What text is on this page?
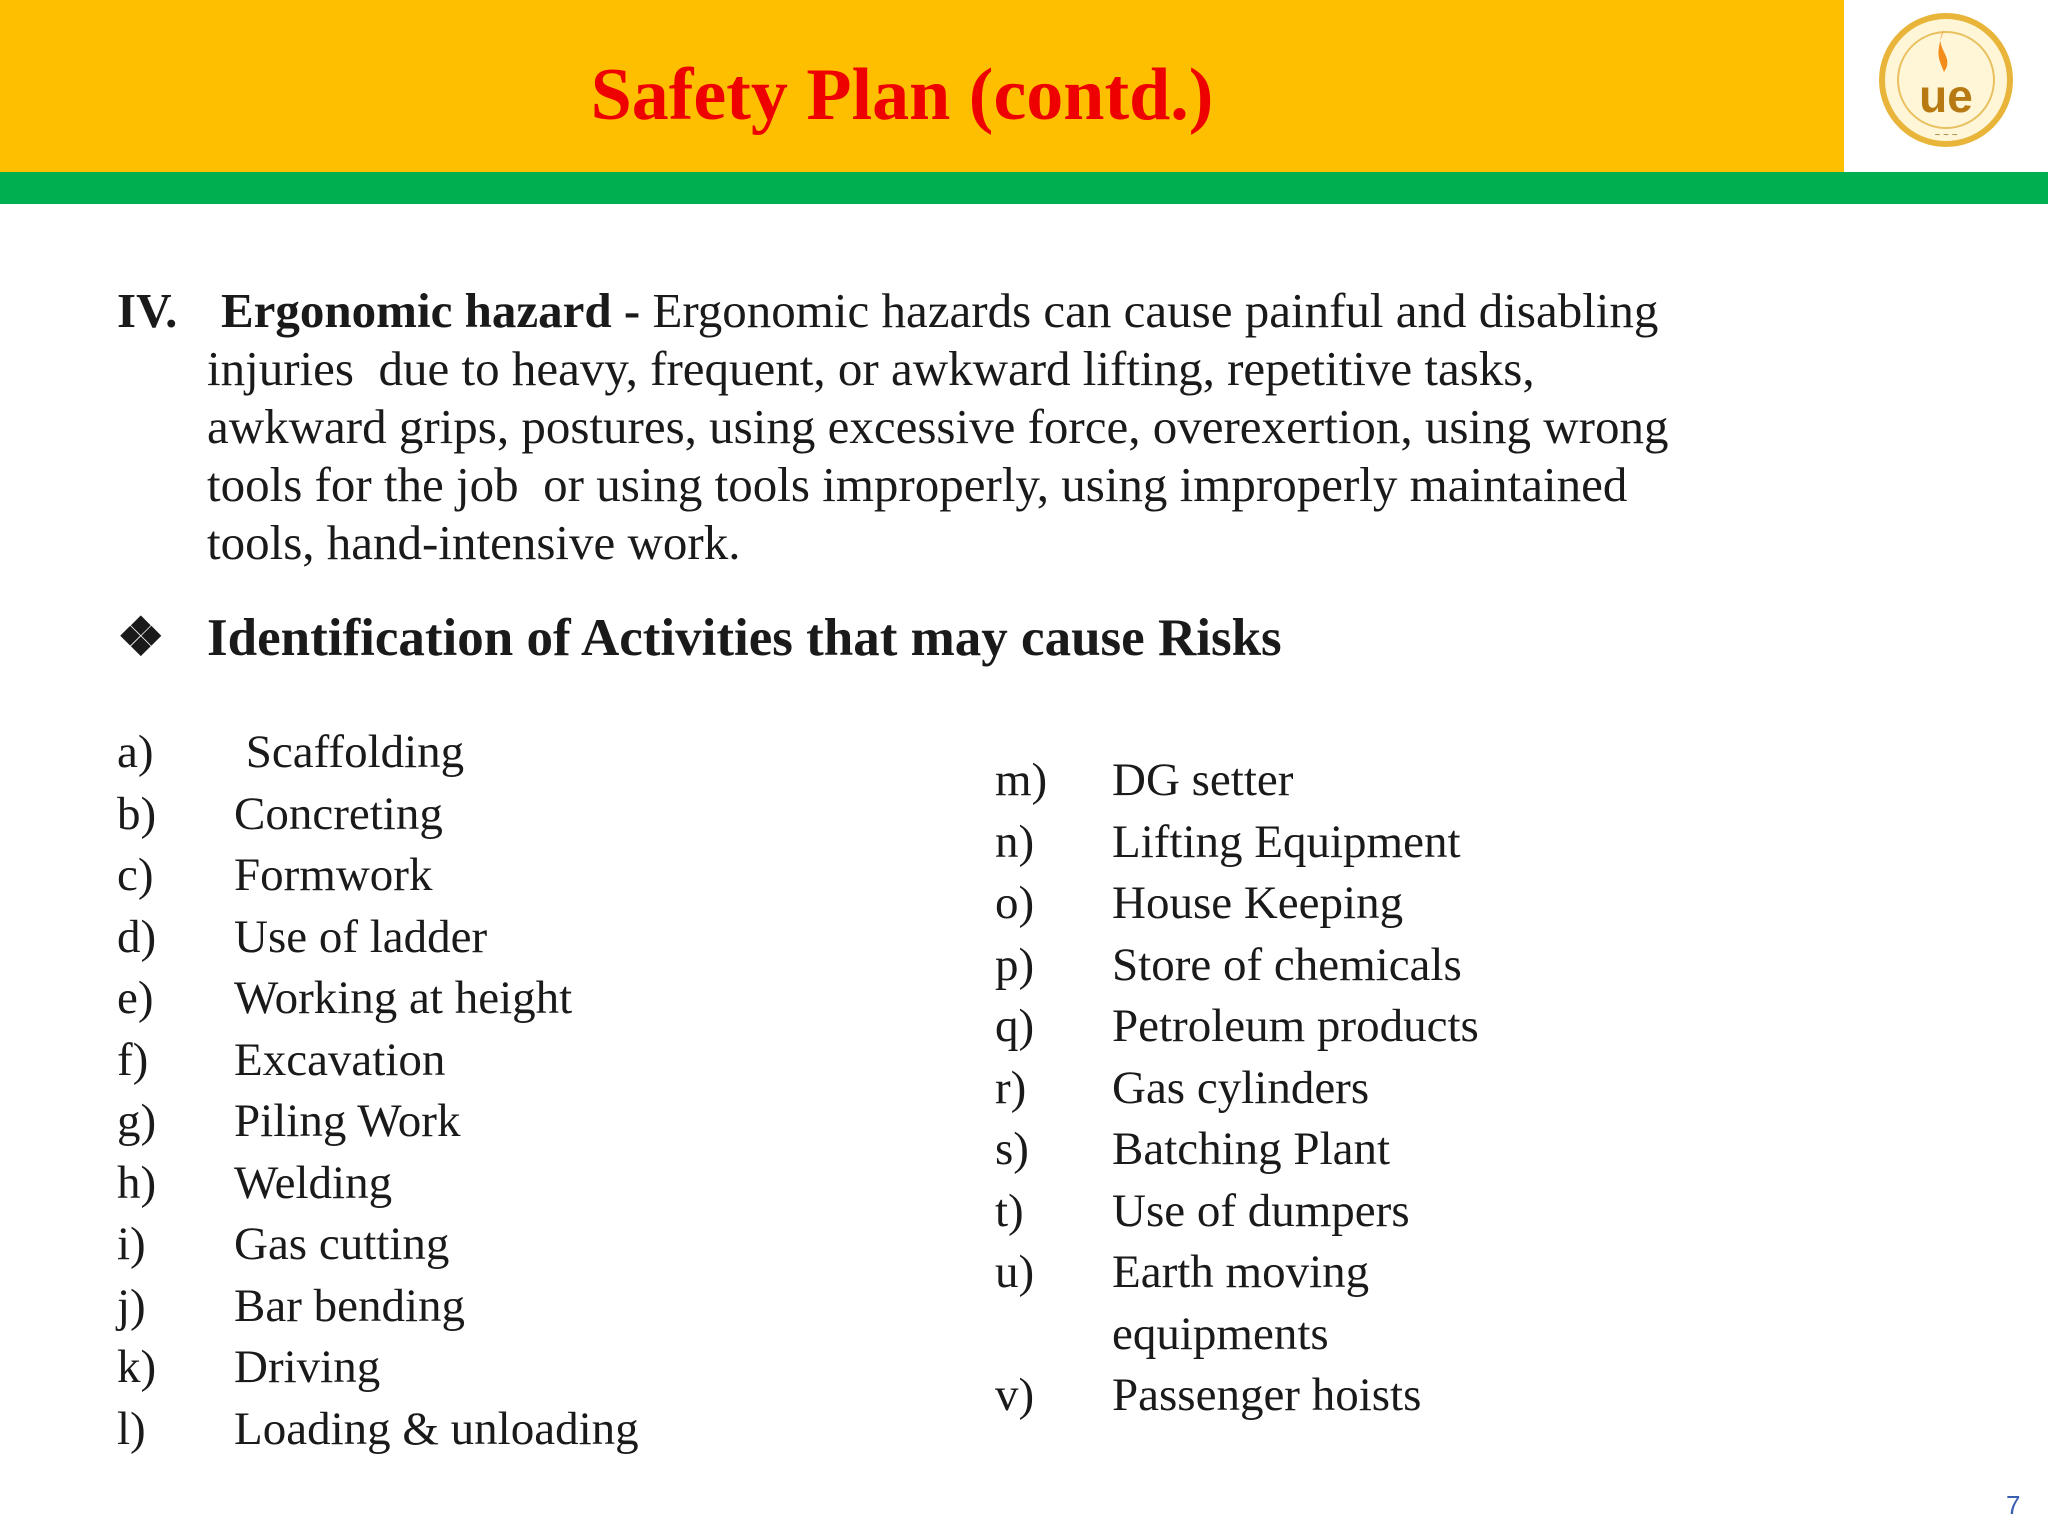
ue
~ ~ ~
Safety Plan (contd.)
IV. Ergonomic hazard - Ergonomic hazards can cause painful and disabling
injuries  due to heavy, frequent, or awkward lifting, repetitive tasks,
awkward grips, postures, using excessive force, overexertion, using wrong
tools for the job  or using tools improperly, using improperly maintained
tools, hand-intensive work.
❖ Identification of Activities that may cause Risks
a) Scaffolding
b) Concreting
c) Formwork
d) Use of ladder
e) Working at height
f) Excavation
g) Piling Work
h) Welding
i) Gas cutting
j) Bar bending
k) Driving
l) Loading & unloading
m) DG setter
n) Lifting Equipment
o) House Keeping
p) Store of chemicals
q) Petroleum products
r) Gas cylinders
s) Batching Plant
t) Use of dumpers
u) Earth moving
equipments
v) Passenger hoists
7
